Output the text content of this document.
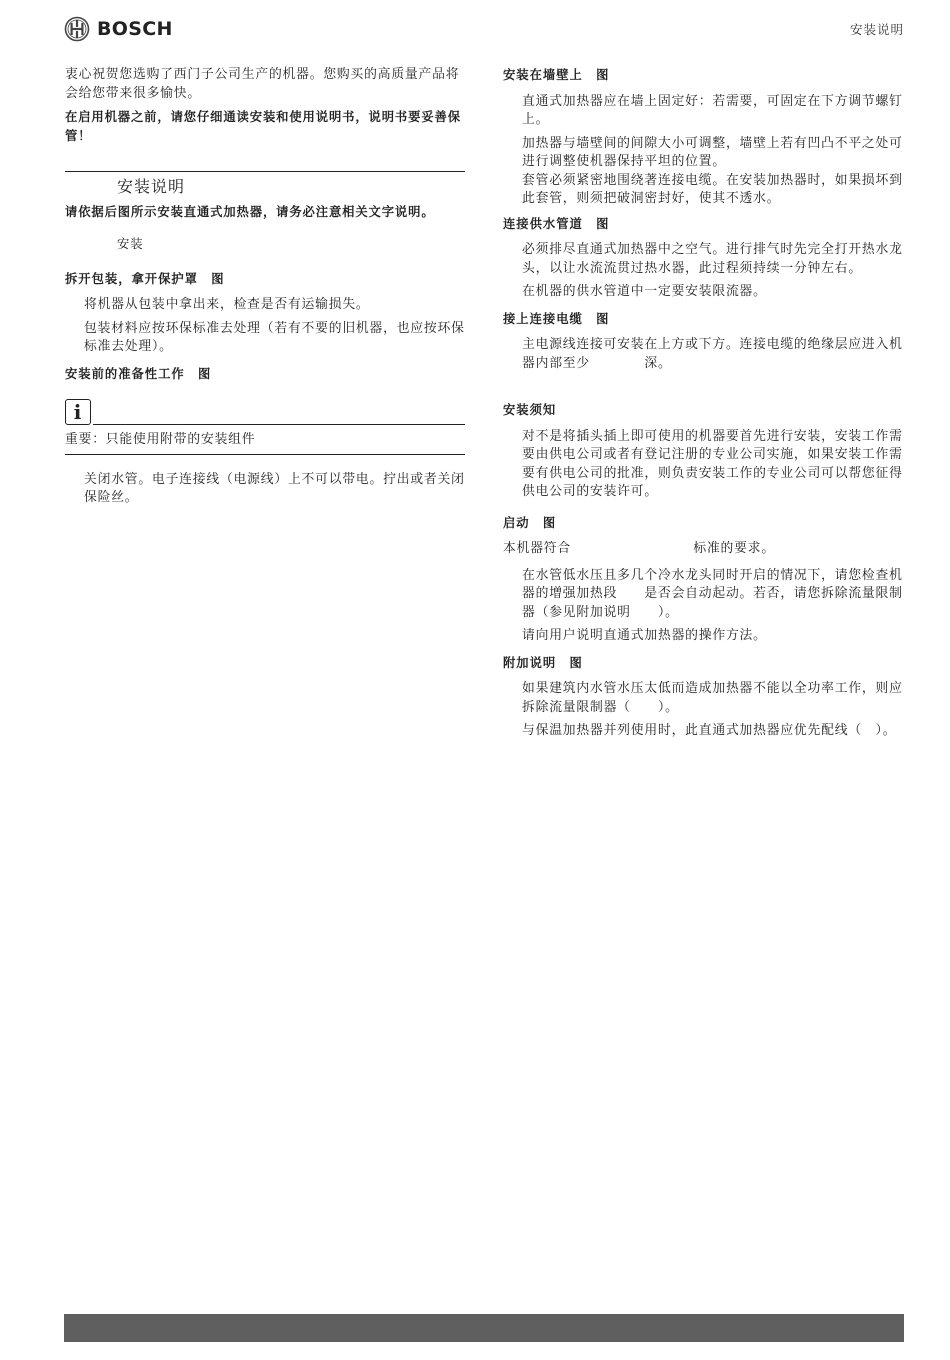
BOSCH	安装说明

衷心祝贺您选购了西门子公司生产的机器。您购买的高质量产品将会给您带来很多愉快。

在启用机器之前，请您仔细通读安装和使用说明书，说明书要妥善保管！

安装说明

请依据后图所示安装直通式加热器，请务必注意相关文字说明。

安装
拆开包装，拿开保护罩　图

将机器从包装中拿出来，检查是否有运输损失。

包装材料应按环保标准去处理（若有不要的旧机器，也应按环保标准去处理）。

安装前的准备性工作　图
i

重要：只能使用附带的安装组件

关闭水管。电子连接线（电源线）上不可以带电。拧出或者关闭保险丝。

安装在墙壁上　图

直通式加热器应在墙上固定好：若需要，可固定在下方调节螺钉上。

加热器与墙壁间的间隙大小可调整，墙壁上若有凹凸不平之处可进行调整使机器保持平坦的位置。

套管必须紧密地围绕著连接电缆。在安装加热器时，如果损坏到此套管，则须把破洞密封好，使其不透水。

连接供水管道　图

必须排尽直通式加热器中之空气。进行排气时先完全打开热水龙头，以让水流流贯过热水器，此过程须持续一分钟左右。

在机器的供水管道中一定要安装限流器。

接上连接电缆　图

主电源线连接可安装在上方或下方。连接电缆的绝缘层应进入机器内部至少　　　　深。

安装须知

对不是将插头插上即可使用的机器要首先进行安装，安装工作需要由供电公司或者有登记注册的专业公司实施，如果安装工作需要有供电公司的批准，则负责安装工作的专业公司可以帮您征得供电公司的安装许可。

启动　图

本机器符合　　　　　　　　　标准的要求。

在水管低水压且多几个冷水龙头同时开启的情况下，请您检查机器的增强加热段　　是否会自动起动。若否，请您拆除流量限制器（参见附加说明　　）。

请向用户说明直通式加热器的操作方法。

附加说明　图

如果建筑内水管水压太低而造成加热器不能以全功率工作，则应拆除流量限制器（　　）。

与保温加热器并列使用时，此直通式加热器应优先配线（　）。
